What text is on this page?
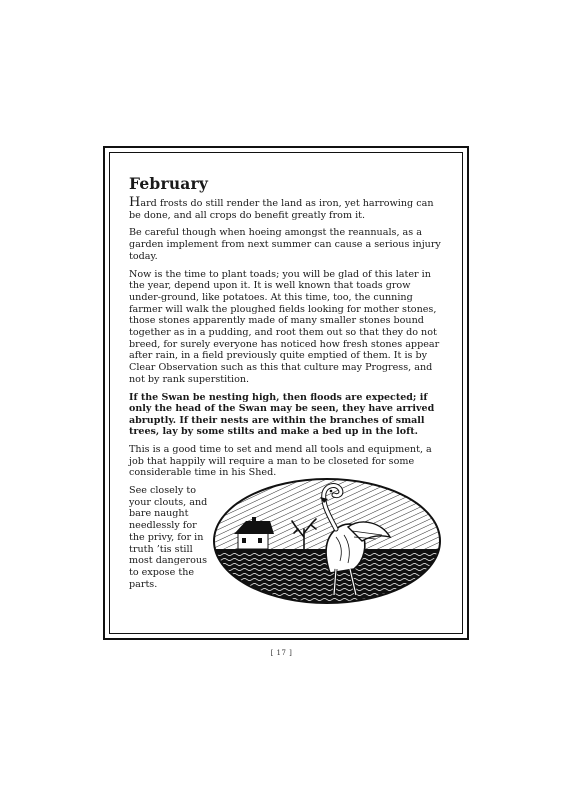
February

Hard frosts do still render the land as iron, yet harrowing can be done, and all crops do benefit greatly from it.

Be careful though when hoeing amongst the reannuals, as a garden implement from next summer can cause a serious injury today.

Now is the time to plant toads; you will be glad of this later in the year, depend upon it. It is well known that toads grow under-ground, like potatoes. At this time, too, the cunning farmer will walk the ploughed fields looking for mother stones, those stones apparently made of many smaller stones bound together as in a pudding, and root them out so that they do not breed, for surely everyone has noticed how fresh stones appear after rain, in a field previously quite emptied of them. It is by Clear Observation such as this that culture may Progress, and not by rank superstition.

If the Swan be nesting high, then floods are expected; if only the head of the Swan may be seen, they have arrived abruptly. If their nests are within the branches of small trees, lay by some stilts and make a bed up in the loft.

This is a good time to set and mend all tools and equipment, a job that happily will require a man to be closeted for some considerable time in his Shed.

See closely to your clouts, and bare naught needlessly for the privy, for in truth ’tis still most dangerous to expose the parts.
[ 17 ]
